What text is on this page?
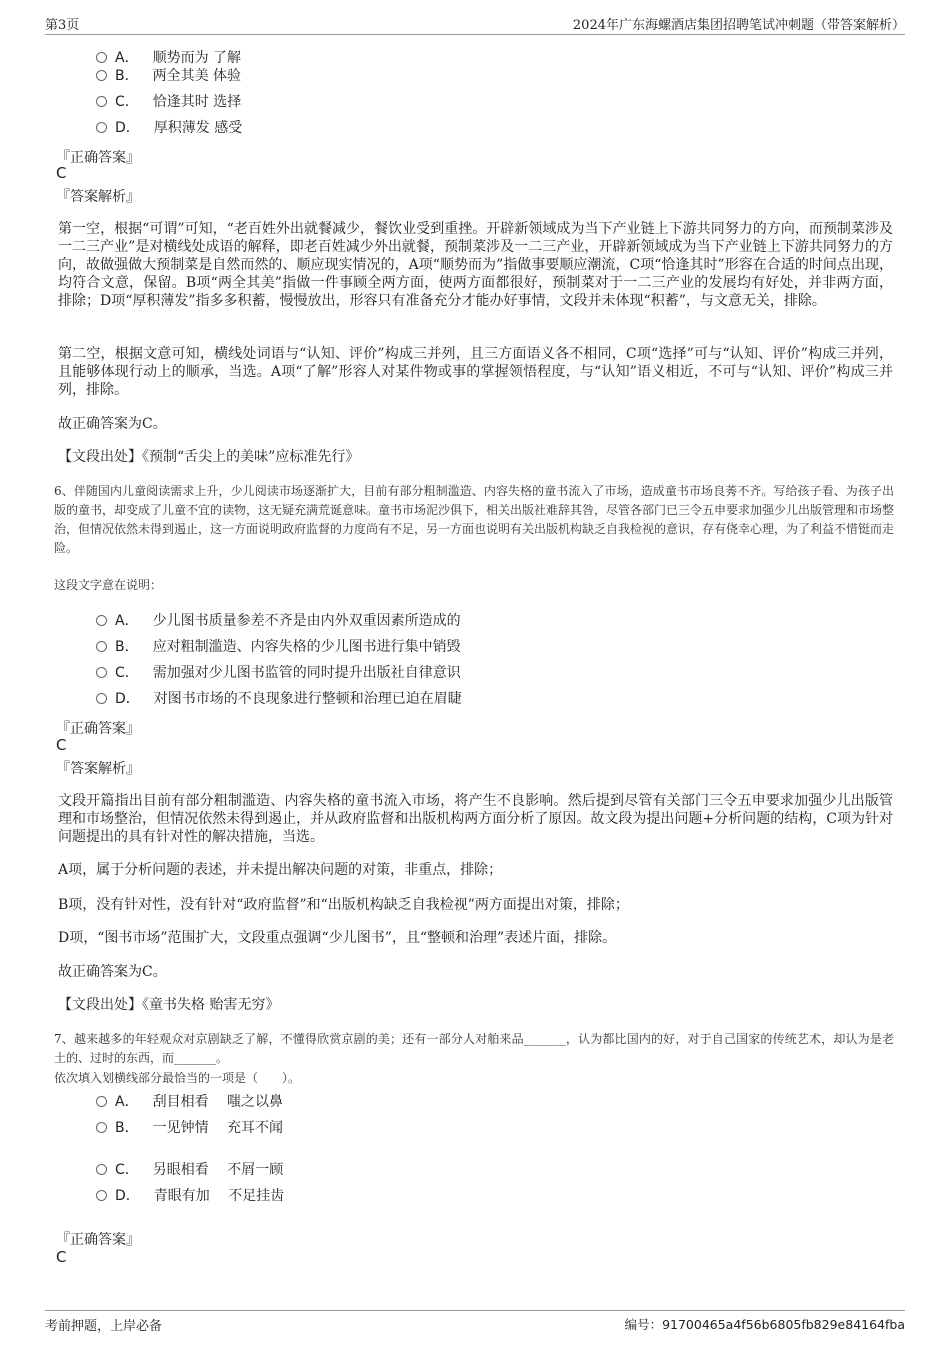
第3页	2024年广东海螺酒店集团招聘笔试冲刺题（带答案解析）
A． 顺势而为 了解
B． 两全其美 体验
C． 恰逢其时 选择
D． 厚积薄发 感受
『正确答案』
C
『答案解析』
第一空，根据“可谓”可知，“老百姓外出就餐减少，餐饮业受到重挫。开辟新领域成为当下产业链上下游共同努力的方向，而预制菜涉及一二三产业”是对横线处成语的解释，即老百姓减少外出就餐，预制菜涉及一二三产业，开辟新领域成为当下产业链上下游共同努力的方向，故做强做大预制菜是自然而然的、顺应现实情况的，A项“顺势而为”指做事要顺应潮流，C项“恰逢其时”形容在合适的时间点出现，均符合文意，保留。B项“两全其美”指做一件事顾全两方面，使两方面都很好，预制菜对于一二三产业的发展均有好处，并非两方面，排除；D项“厚积薄发”指多多积蓄，慢慢放出，形容只有准备充分才能办好事情，文段并未体现“积蓄”，与文意无关，排除。
第二空，根据文意可知，横线处词语与“认知、评价”构成三并列，且三方面语义各不相同，C项“选择”可与“认知、评价”构成三并列，且能够体现行动上的顺承，当选。A项“了解”形容人对某件物或事的掌握领悟程度，与“认知”语义相近，不可与“认知、评价”构成三并列，排除。
故正确答案为C。
【文段出处】《预制“舌尖上的美味”应标准先行》
6、伴随国内儿童阅读需求上升，少儿阅读市场逐渐扩大，目前有部分粗制滥造、内容失格的童书流入了市场，造成童书市场良莠不齐。写给孩子看、为孩子出版的童书，却变成了儿童不宜的读物，这无疑充满荒诞意味。童书市场泥沙俱下，相关出版社难辞其咎，尽管各部门已三令五申要求加强少儿出版管理和市场整治，但情况依然未得到遏止，这一方面说明政府监督的力度尚有不足，另一方面也说明有关出版机构缺乏自我检视的意识，存有侥幸心理，为了利益不惜铤而走险。
这段文字意在说明：
A． 少儿图书质量参差不齐是由内外双重因素所造成的
B． 应对粗制滥造、内容失格的少儿图书进行集中销毁
C． 需加强对少儿图书监管的同时提升出版社自律意识
D． 对图书市场的不良现象进行整顿和治理已迫在眉睫
『正确答案』
C
『答案解析』
文段开篇指出目前有部分粗制滥造、内容失格的童书流入市场，将产生不良影响。然后提到尽管有关部门三令五申要求加强少儿出版管理和市场整治，但情况依然未得到遏止，并从政府监督和出版机构两方面分析了原因。故文段为提出问题+分析问题的结构，C项为针对问题提出的具有针对性的解决措施，当选。
A项，属于分析问题的表述，并未提出解决问题的对策，非重点，排除；
B项，没有针对性，没有针对“政府监督”和“出版机构缺乏自我检视”两方面提出对策，排除；
D项，“图书市场”范围扩大，文段重点强调“少儿图书”，且“整顿和治理”表述片面，排除。
故正确答案为C。
【文段出处】《童书失格 贻害无穷》
7、越来越多的年轻观众对京剧缺乏了解，不懂得欣赏京剧的美；还有一部分人对舶来品_______，认为都比国内的好，对于自己国家的传统艺术，却认为是老土的、过时的东西，而_______。
依次填入划横线部分最恰当的一项是（　　）。
A． 刮目相看　 嗤之以鼻
B． 一见钟情　 充耳不闻
C． 另眼相看　 不屑一顾
D． 青眼有加　 不足挂齿
『正确答案』
C
考前押题，上岸必备	编号：91700465a4f56b6805fb829e84164fba
